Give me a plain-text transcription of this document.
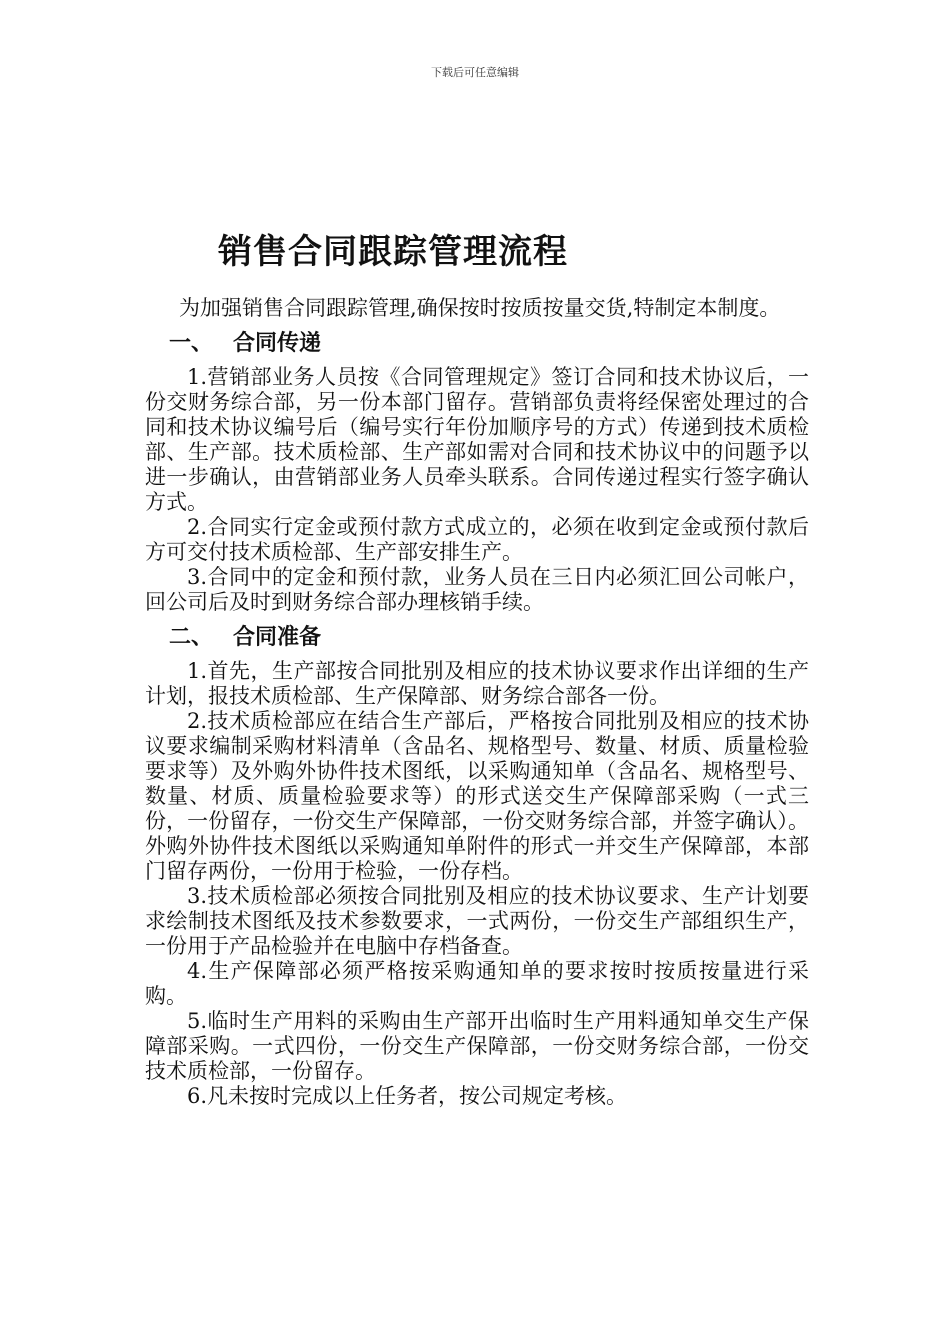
下载后可任意编辑
销售合同跟踪管理流程

为加强销售合同跟踪管理,确保按时按质按量交货,特制定本制度。

一、 合同传递

1.营销部业务人员按《合同管理规定》签订合同和技术协议后，一份交财务综合部，另一份本部门留存。营销部负责将经保密处理过的合同和技术协议编号后（编号实行年份加顺序号的方式）传递到技术质检部、生产部。技术质检部、生产部如需对合同和技术协议中的问题予以进一步确认，由营销部业务人员牵头联系。合同传递过程实行签字确认方式。

2.合同实行定金或预付款方式成立的，必须在收到定金或预付款后方可交付技术质检部、生产部安排生产。

3.合同中的定金和预付款，业务人员在三日内必须汇回公司帐户，回公司后及时到财务综合部办理核销手续。

二、 合同准备

1.首先，生产部按合同批别及相应的技术协议要求作出详细的生产计划，报技术质检部、生产保障部、财务综合部各一份。

2.技术质检部应在结合生产部后，严格按合同批别及相应的技术协议要求编制采购材料清单（含品名、规格型号、数量、材质、质量检验要求等）及外购外协件技术图纸，以采购通知单（含品名、规格型号、数量、材质、质量检验要求等）的形式送交生产保障部采购（一式三份，一份留存，一份交生产保障部，一份交财务综合部，并签字确认）。外购外协件技术图纸以采购通知单附件的形式一并交生产保障部，本部门留存两份，一份用于检验，一份存档。

3.技术质检部必须按合同批别及相应的技术协议要求、生产计划要求绘制技术图纸及技术参数要求，一式两份，一份交生产部组织生产，一份用于产品检验并在电脑中存档备查。

4.生产保障部必须严格按采购通知单的要求按时按质按量进行采购。

5.临时生产用料的采购由生产部开出临时生产用料通知单交生产保障部采购。一式四份，一份交生产保障部，一份交财务综合部，一份交技术质检部，一份留存。

6.凡未按时完成以上任务者，按公司规定考核。
